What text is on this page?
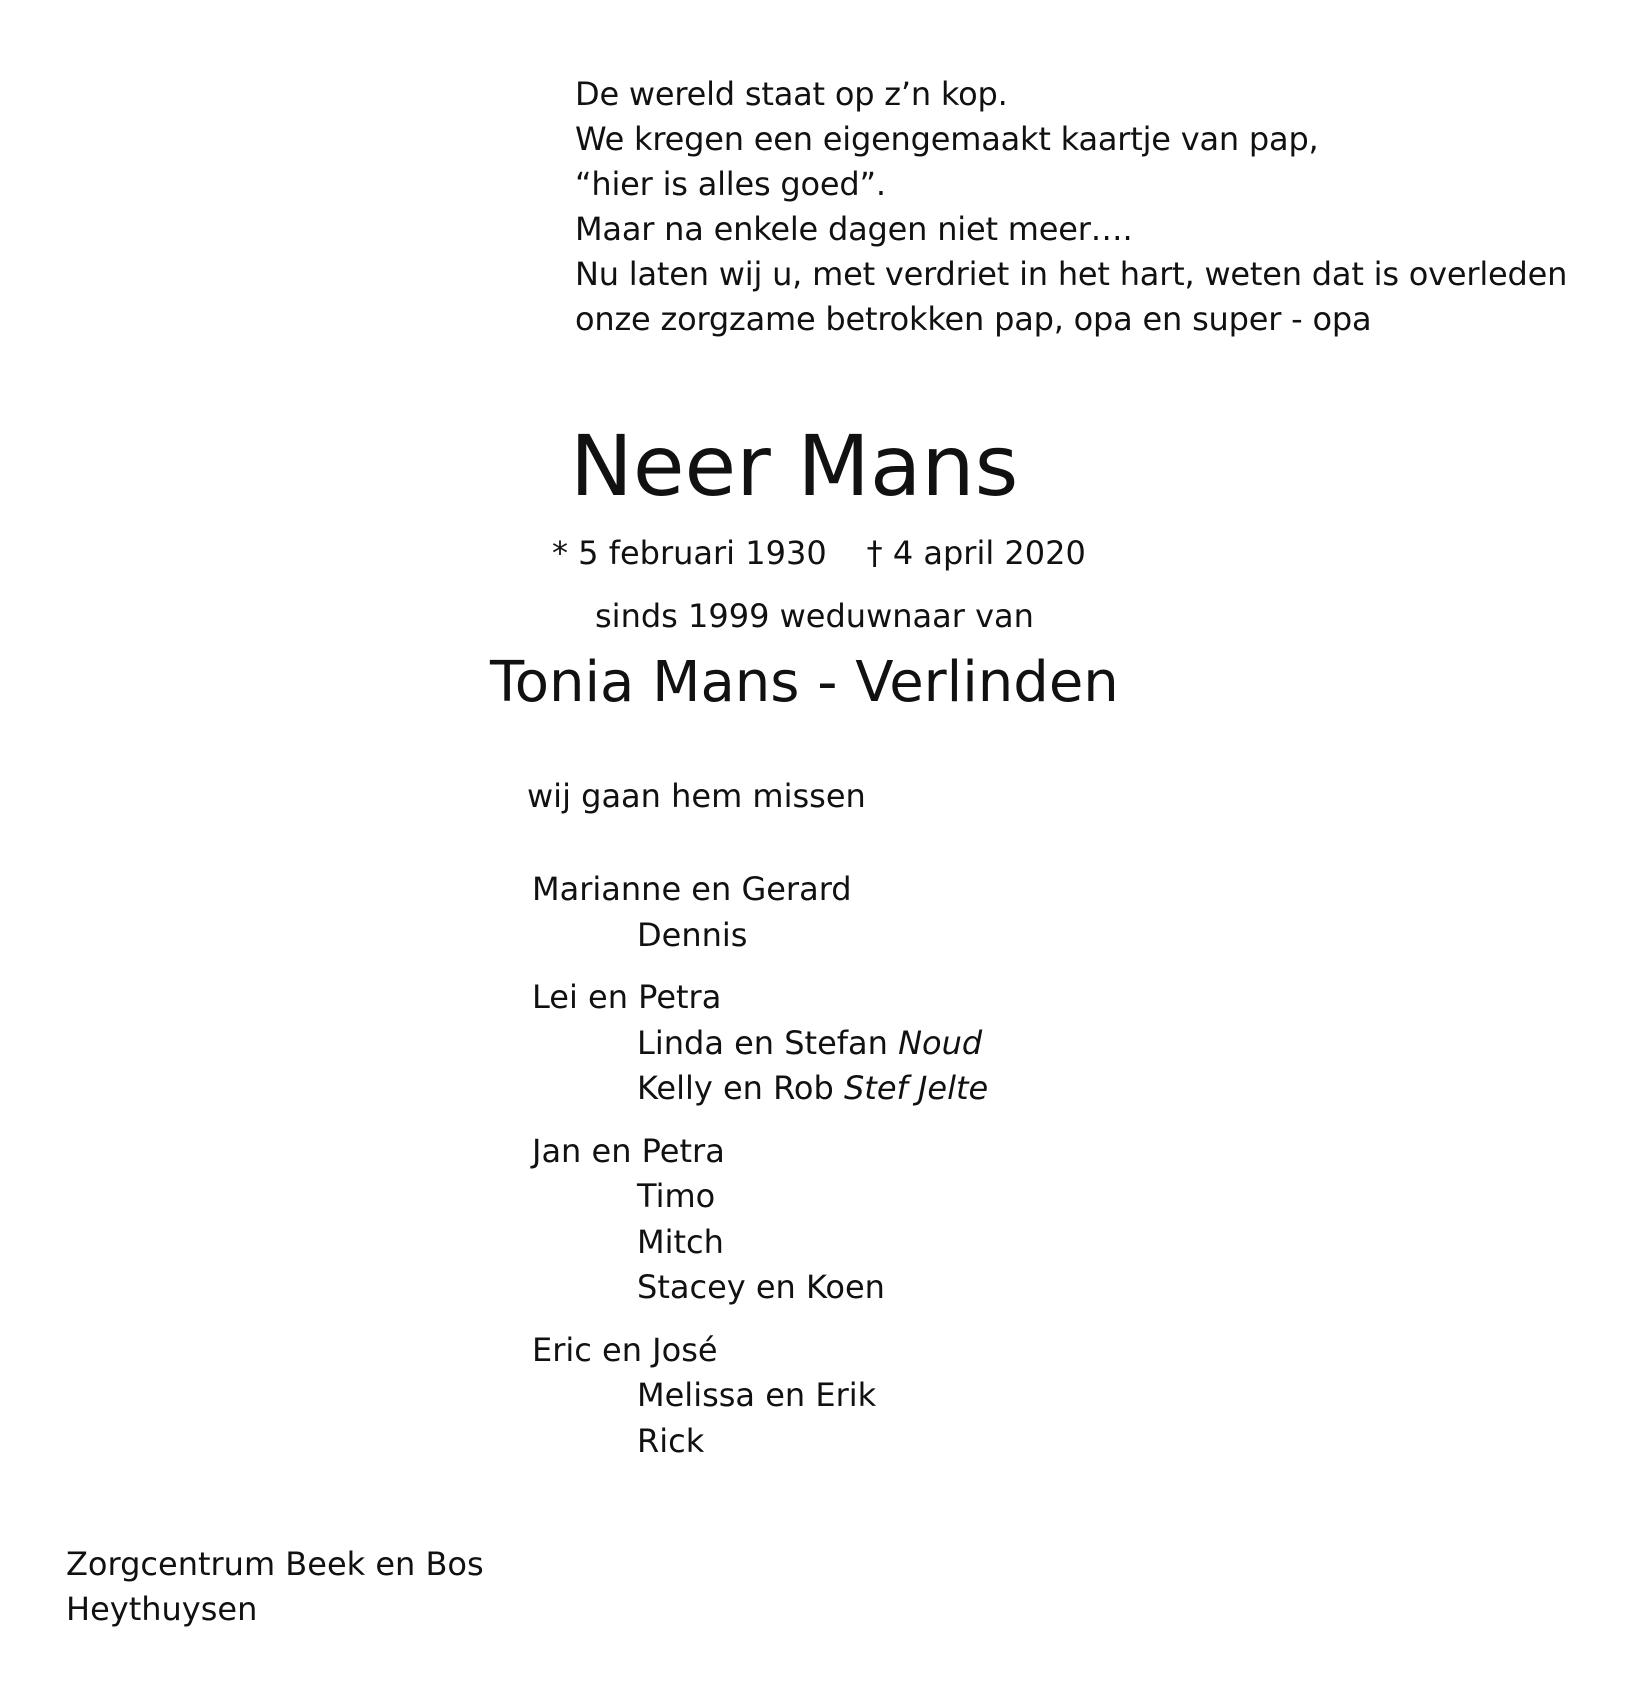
De wereld staat op z’n kop.
We kregen een eigengemaakt kaartje van pap,
“hier is alles goed”.
Maar na enkele dagen niet meer….
Nu laten wij u, met verdriet in het hart, weten dat is overleden
onze zorgzame betrokken pap, opa en super - opa
Neer Mans
* 5 februari 1930 † 4 april 2020
sinds 1999 weduwnaar van
Tonia Mans - Verlinden
wij gaan hem missen
Marianne en Gerard
Dennis
Lei en Petra
Linda en Stefan Noud
Kelly en Rob Stef Jelte
Jan en Petra
Timo
Mitch
Stacey en Koen
Eric en José
Melissa en Erik
Rick
Zorgcentrum Beek en Bos
Heythuysen
